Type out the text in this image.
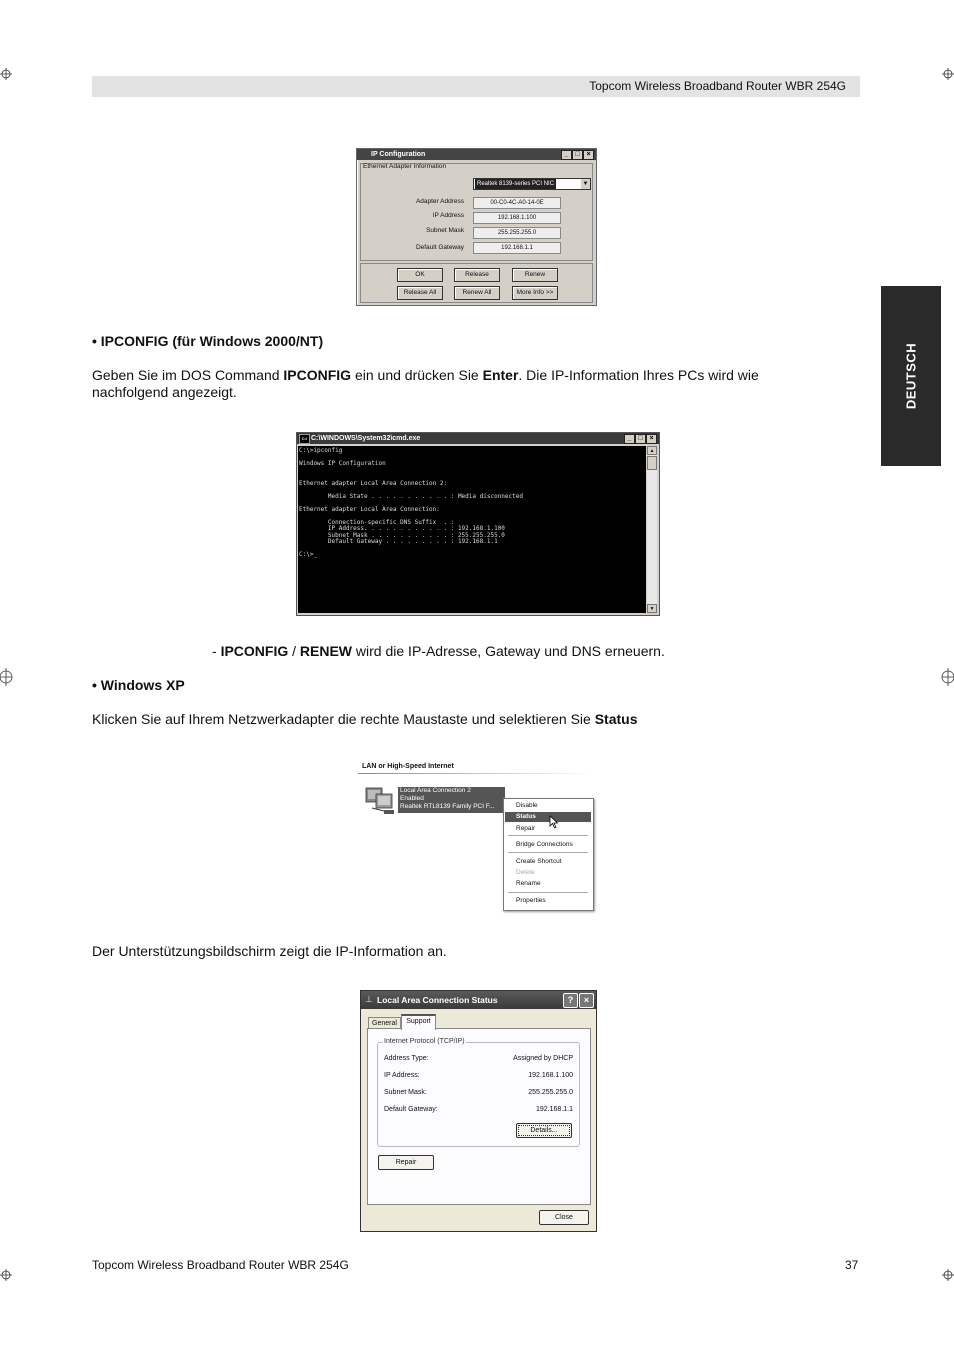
Topcom Wireless Broadband Router WBR 254G
DEUTSCH
IP Configuration	_ □ ×
Ethernet Adapter Information
Realtek 8139-series PCI NIC	▼
Adapter Address	00-C0-4C-A0-14-0E
IP Address	192.168.1.100
Subnet Mask	255.255.255.0
Default Gateway	192.168.1.1
OK	Release	Renew
Release All	Renew All	More Info >>
• IPCONFIG (für Windows 2000/NT)
Geben Sie im DOS Command IPCONFIG ein und drücken Sie Enter. Die IP-Information Ihres PCs wird wie
nachfolgend angezeigt.
C:\ C:\WINDOWS\System32\cmd.exe	_ □ ×
C:\>ipconfig

Windows IP Configuration

Ethernet adapter Local Area Connection 2:

Media State . . . . . . . . . . . : Media disconnected

Ethernet adapter Local Area Connection:

Connection-specific DNS Suffix  . :
IP Address. . . . . . . . . . . . : 192.168.1.100
Subnet Mask . . . . . . . . . . . : 255.255.255.0
Default Gateway . . . . . . . . . : 192.168.1.1

C:\>_
▲
▼
- IPCONFIG / RENEW wird die IP-Adresse, Gateway und DNS erneuern.
• Windows XP
Klicken Sie auf Ihrem Netzwerkadapter die rechte Maustaste und selektieren Sie Status
LAN or High-Speed Internet
Local Area Connection 2
Enabled
Realtek RTL8139 Family PCI F...	Disable
Status
Repair
Bridge Connections
Create Shortcut
Delete
Rename
Properties
Der Unterstützungsbildschirm zeigt die IP-Information an.
⊥ Local Area Connection Status	?	×
General	Support
Internet Protocol (TCP/IP)
Address Type:	Assigned by DHCP
IP Address:	192.168.1.100
Subnet Mask:	255.255.255.0
Default Gateway:	192.168.1.1
Details...
Repair
Close
Topcom Wireless Broadband Router WBR 254G	37
